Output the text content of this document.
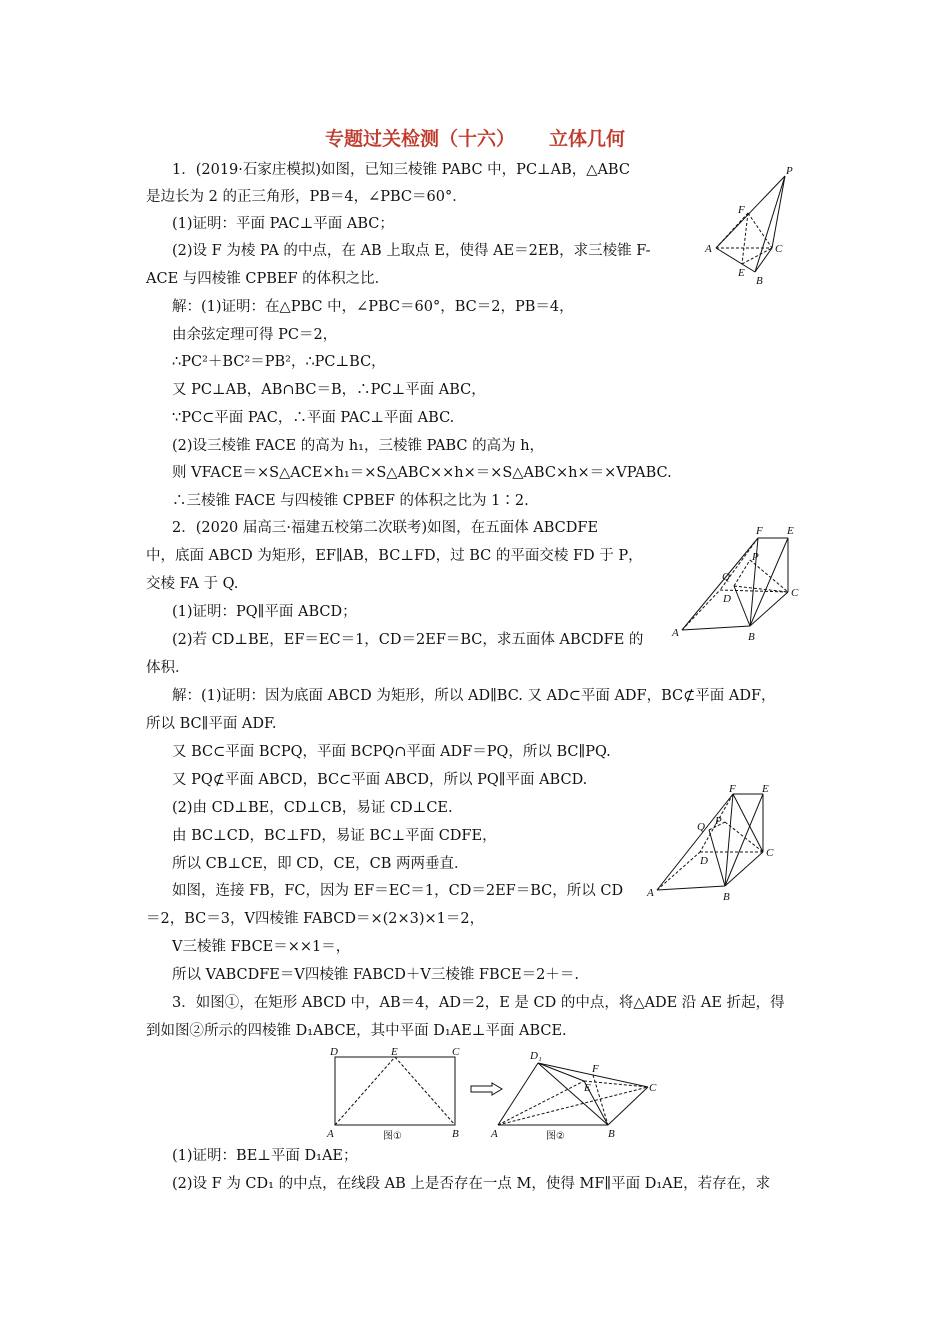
专题过关检测（十六） 立体几何
1．(2019·石家庄模拟)如图，已知三棱锥 PABC 中，PC⊥AB，△ABC
是边长为 2 的正三角形，PB＝4，∠PBC＝60°．
(1)证明：平面 PAC⊥平面 ABC；
(2)设 F 为棱 PA 的中点，在 AB 上取点 E，使得 AE＝2EB，求三棱锥 F-
ACE 与四棱锥 CPBEF 的体积之比．
解：(1)证明：在△PBC 中，∠PBC＝60°，BC＝2，PB＝4，
由余弦定理可得 PC＝2，
∴PC²＋BC²＝PB²，∴PC⊥BC，
又 PC⊥AB，AB∩BC＝B，∴PC⊥平面 ABC，
∵PC⊂平面 PAC，∴平面 PAC⊥平面 ABC.
(2)设三棱锥 FACE 的高为 h₁，三棱锥 PABC 的高为 h，
则 VFACE＝×S△ACE×h₁＝×S△ABC××h×＝×S△ABC×h×＝×VPABC.
∴三棱锥 FACE 与四棱锥 CPBEF 的体积之比为 1∶2.
2．(2020 届高三·福建五校第二次联考)如图，在五面体 ABCDFE
中，底面 ABCD 为矩形，EF∥AB，BC⊥FD，过 BC 的平面交棱 FD 于 P，
交棱 FA 于 Q.
(1)证明：PQ∥平面 ABCD；
(2)若 CD⊥BE，EF＝EC＝1，CD＝2EF＝BC，求五面体 ABCDFE 的
体积．
解：(1)证明：因为底面 ABCD 为矩形，所以 AD∥BC. 又 AD⊂平面 ADF，BC⊄平面 ADF，
所以 BC∥平面 ADF.
又 BC⊂平面 BCPQ，平面 BCPQ∩平面 ADF＝PQ，所以 BC∥PQ.
又 PQ⊄平面 ABCD，BC⊂平面 ABCD，所以 PQ∥平面 ABCD.
(2)由 CD⊥BE，CD⊥CB，易证 CD⊥CE.
由 BC⊥CD，BC⊥FD，易证 BC⊥平面 CDFE，
所以 CB⊥CE，即 CD，CE，CB 两两垂直．
如图，连接 FB，FC，因为 EF＝EC＝1，CD＝2EF＝BC，所以 CD
＝2，BC＝3，V四棱锥 FABCD＝×(2×3)×1＝2，
V三棱锥 FBCE＝××1＝，
所以 VABCDFE＝V四棱锥 FABCD＋V三棱锥 FBCE＝2＋＝.
3．如图①，在矩形 ABCD 中，AB＝4，AD＝2，E 是 CD 的中点，将△ADE 沿 AE 折起，得
到如图②所示的四棱锥 D₁ABCE，其中平面 D₁AE⊥平面 ABCE.
(1)证明：BE⊥平面 D₁AE；
(2)设 F 为 CD₁ 的中点，在线段 AB 上是否存在一点 M，使得 MF∥平面 D₁AE，若存在，求
P
F
A	C
E
B
F E
P
Q
D	C
A	B
F E
Q P
D
C
A	B
D	E	C
A	B
图①
D₁
F
E	C
A	B
图②
